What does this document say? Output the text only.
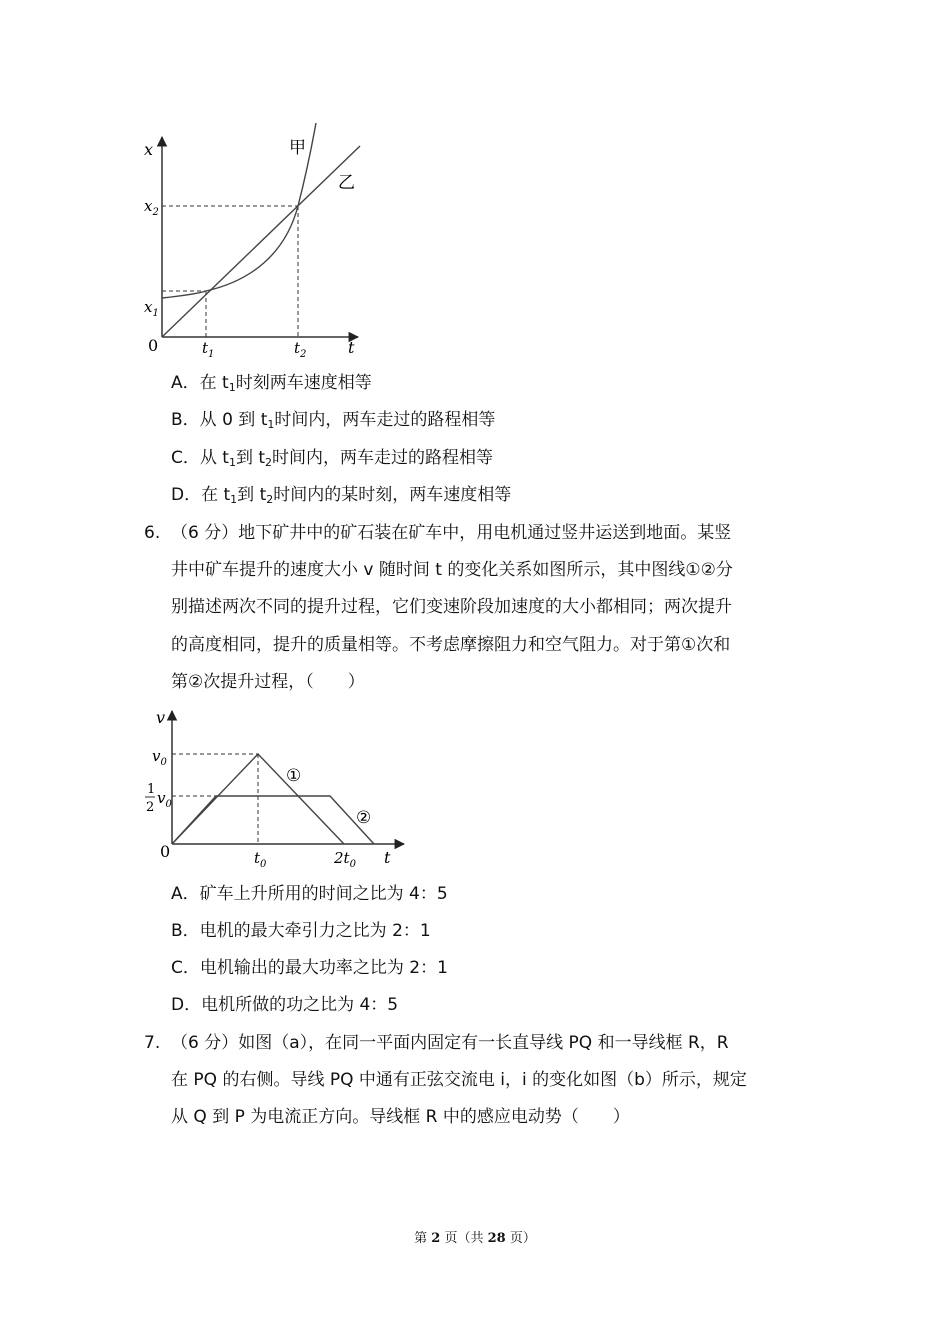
x
t
0
$x_2$
$x_1$
$t_1$	$t_2$
甲
乙
A．在 $t_1$时刻两车速度相等
B．从 0 到 $t_1$时间内，两车走过的路程相等
C．从 $t_1$到 $t_2$时间内，两车走过的路程相等
D．在 $t_1$到 $t_2$时间内的某时刻，两车速度相等
6. （6 分）地下矿井中的矿石装在矿车中，用电机通过竖井运送到地面。某竖
井中矿车提升的速度大小 v 随时间 t 的变化关系如图所示，其中图线①②分
别描述两次不同的提升过程，它们变速阶段加速度的大小都相同；两次提升
的高度相同，提升的质量相等。不考虑摩擦阻力和空气阻力。对于第①次和
第②次提升过程，（　　）
v
t
0
$v_0$
1
2
$v_0$
$t_0$	$2t_0$
①
②
A．矿车上升所用的时间之比为 4：5
B．电机的最大牵引力之比为 2：1
C．电机输出的最大功率之比为 2：1
D．电机所做的功之比为 4：5
7. （6 分）如图（a），在同一平面内固定有一长直导线 PQ 和一导线框 R，R
在 PQ 的右侧。导线 PQ 中通有正弦交流电 i，i 的变化如图（b）所示，规定
从 Q 到 P 为电流正方向。导线框 R 中的感应电动势（　　）
第 2 页（共 28 页）
